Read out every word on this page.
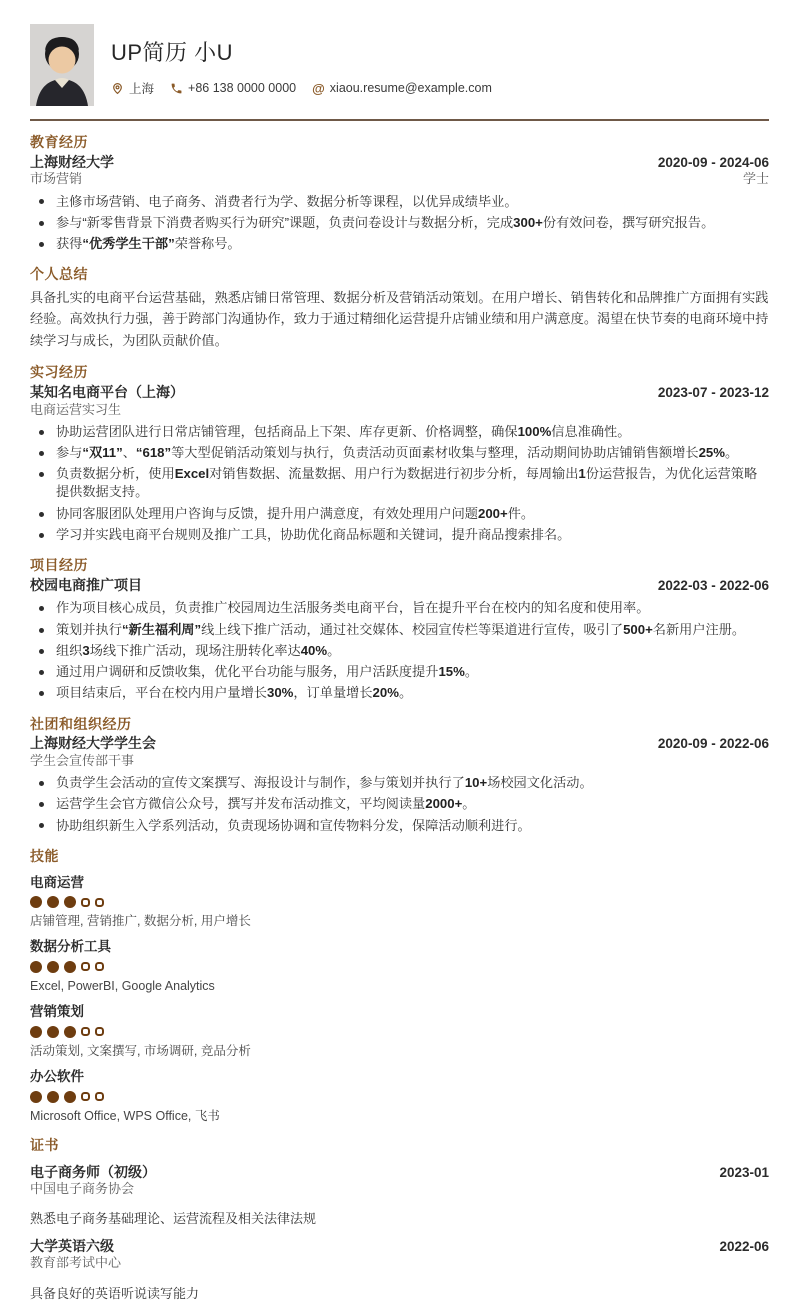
UP简历 小U
上海	+86 138 0000 0000 @ xiaou.resume@example.com
教育经历
上海财经大学	2020-09 - 2024-06
市场营销	学士
主修市场营销、电子商务、消费者行为学、数据分析等课程，以优异成绩毕业。
参与“新零售背景下消费者购买行为研究”课题，负责问卷设计与数据分析，完成300+份有效问卷，撰写研究报告。
获得“优秀学生干部”荣誉称号。
个人总结

具备扎实的电商平台运营基础，熟悉店铺日常管理、数据分析及营销活动策划。在用户增长、销售转化和品牌推广方面拥有实践经验。高效执行力强，善于跨部门沟通协作，致力于通过精细化运营提升店铺业绩和用户满意度。渴望在快节奏的电商环境中持续学习与成长，为团队贡献价值。

实习经历
某知名电商平台（上海）	2023-07 - 2023-12
电商运营实习生
协助运营团队进行日常店铺管理，包括商品上下架、库存更新、价格调整，确保100%信息准确性。
参与“双11”、“618”等大型促销活动策划与执行，负责活动页面素材收集与整理，活动期间协助店铺销售额增长25%。
负责数据分析，使用Excel对销售数据、流量数据、用户行为数据进行初步分析，每周输出1份运营报告，为优化运营策略提供数据支持。
协同客服团队处理用户咨询与反馈，提升用户满意度，有效处理用户问题200+件。
学习并实践电商平台规则及推广工具，协助优化商品标题和关键词，提升商品搜索排名。
项目经历
校园电商推广项目	2022-03 - 2022-06
作为项目核心成员，负责推广校园周边生活服务类电商平台，旨在提升平台在校内的知名度和使用率。
策划并执行“新生福利周”线上线下推广活动，通过社交媒体、校园宣传栏等渠道进行宣传，吸引了500+名新用户注册。
组织3场线下推广活动，现场注册转化率达40%。
通过用户调研和反馈收集，优化平台功能与服务，用户活跃度提升15%。
项目结束后，平台在校内用户量增长30%，订单量增长20%。
社团和组织经历
上海财经大学学生会	2020-09 - 2022-06
学生会宣传部干事
负责学生会活动的宣传文案撰写、海报设计与制作，参与策划并执行了10+场校园文化活动。
运营学生会官方微信公众号，撰写并发布活动推文，平均阅读量2000+。
协助组织新生入学系列活动，负责现场协调和宣传物料分发，保障活动顺利进行。
技能
电商运营
店铺管理, 营销推广, 数据分析, 用户增长
数据分析工具
Excel, PowerBI, Google Analytics
营销策划
活动策划, 文案撰写, 市场调研, 竞品分析
办公软件
Microsoft Office, WPS Office, 飞书
证书
电子商务师（初级）	2023-01
中国电子商务协会
熟悉电子商务基础理论、运营流程及相关法律法规
大学英语六级	2022-06
教育部考试中心
具备良好的英语听说读写能力
